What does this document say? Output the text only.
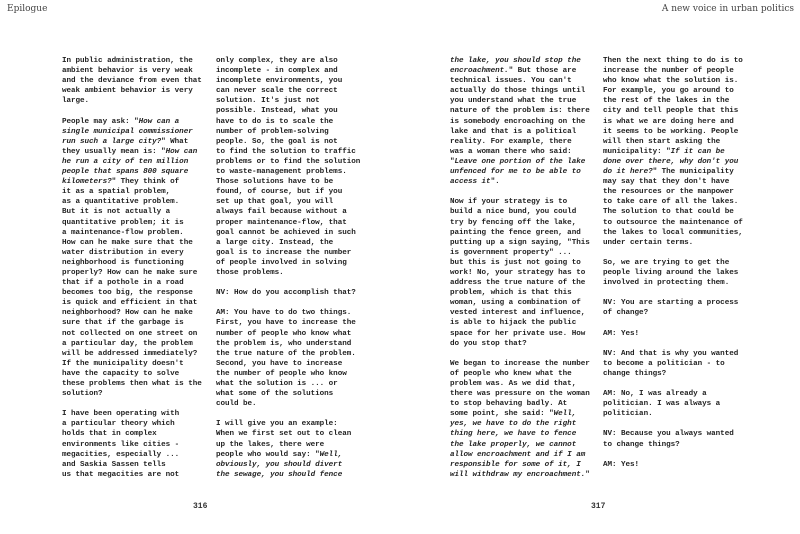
Epilogue	A new voice in urban politics

In public administration, the
ambient behavior is very weak
and the deviance from even that
weak ambient behavior is very
large.

People may ask: "How can a
single municipal commissioner
run such a large city?" What
they usually mean is: "How can
he run a city of ten million
people that spans 800 square
kilometers?" They think of
it as a spatial problem,
as a quantitative problem.
But it is not actually a
quantitative problem; it is
a maintenance-flow problem.
How can he make sure that the
water distribution in every
neighborhood is functioning
properly? How can he make sure
that if a pothole in a road
becomes too big, the response
is quick and efficient in that
neighborhood? How can he make
sure that if the garbage is
not collected on one street on
a particular day, the problem
will be addressed immediately?
If the municipality doesn't
have the capacity to solve
these problems then what is the
solution?

I have been operating with
a particular theory which
holds that in complex
environments like cities -
megacities, especially ...
and Saskia Sassen tells
us that megacities are not

only complex, they are also
incomplete - in complex and
incomplete environments, you
can never scale the correct
solution. It's just not
possible. Instead, what you
have to do is to scale the
number of problem-solving
people. So, the goal is not
to find the solution to traffic
problems or to find the solution
to waste-management problems.
Those solutions have to be
found, of course, but if you
set up that goal, you will
always fail because without a
proper maintenance-flow, that
goal cannot be achieved in such
a large city. Instead, the
goal is to increase the number
of people involved in solving
those problems.

NV: How do you accomplish that?

AM: You have to do two things.
First, you have to increase the
number of people who know what
the problem is, who understand
the true nature of the problem.
Second, you have to increase
the number of people who know
what the solution is ... or
what some of the solutions
could be.

I will give you an example:
When we first set out to clean
up the lakes, there were
people who would say: "Well,
obviously, you should divert
the sewage, you should fence

the lake, you should stop the
encroachment." But those are
technical issues. You can't
actually do those things until
you understand what the true
nature of the problem is: there
is somebody encroaching on the
lake and that is a political
reality. For example, there
was a woman there who said:
"Leave one portion of the lake
unfenced for me to be able to
access it".

Now if your strategy is to
build a nice bund, you could
try by fencing off the lake,
painting the fence green, and
putting up a sign saying, "This
is government property" ...
but this is just not going to
work! No, your strategy has to
address the true nature of the
problem, which is that this
woman, using a combination of
vested interest and influence,
is able to hijack the public
space for her private use. How
do you stop that?

We began to increase the number
of people who knew what the
problem was. As we did that,
there was pressure on the woman
to stop behaving badly. At
some point, she said: "Well,
yes, we have to do the right
thing here, we have to fence
the lake properly, we cannot
allow encroachment and if I am
responsible for some of it, I
will withdraw my encroachment."

Then the next thing to do is to
increase the number of people
who know what the solution is.
For example, you go around to
the rest of the lakes in the
city and tell people that this
is what we are doing here and
it seems to be working. People
will then start asking the
municipality: "If it can be
done over there, why don't you
do it here?" The municipality
may say that they don't have
the resources or the manpower
to take care of all the lakes.
The solution to that could be
to outsource the maintenance of
the lakes to local communities,
under certain terms.

So, we are trying to get the
people living around the lakes
involved in protecting them.

NV: You are starting a process
of change?

AM: Yes!

NV: And that is why you wanted
to become a politician - to
change things?

AM: No, I was already a
politician. I was always a
politician.

NV: Because you always wanted
to change things?

AM: Yes!

316	317
